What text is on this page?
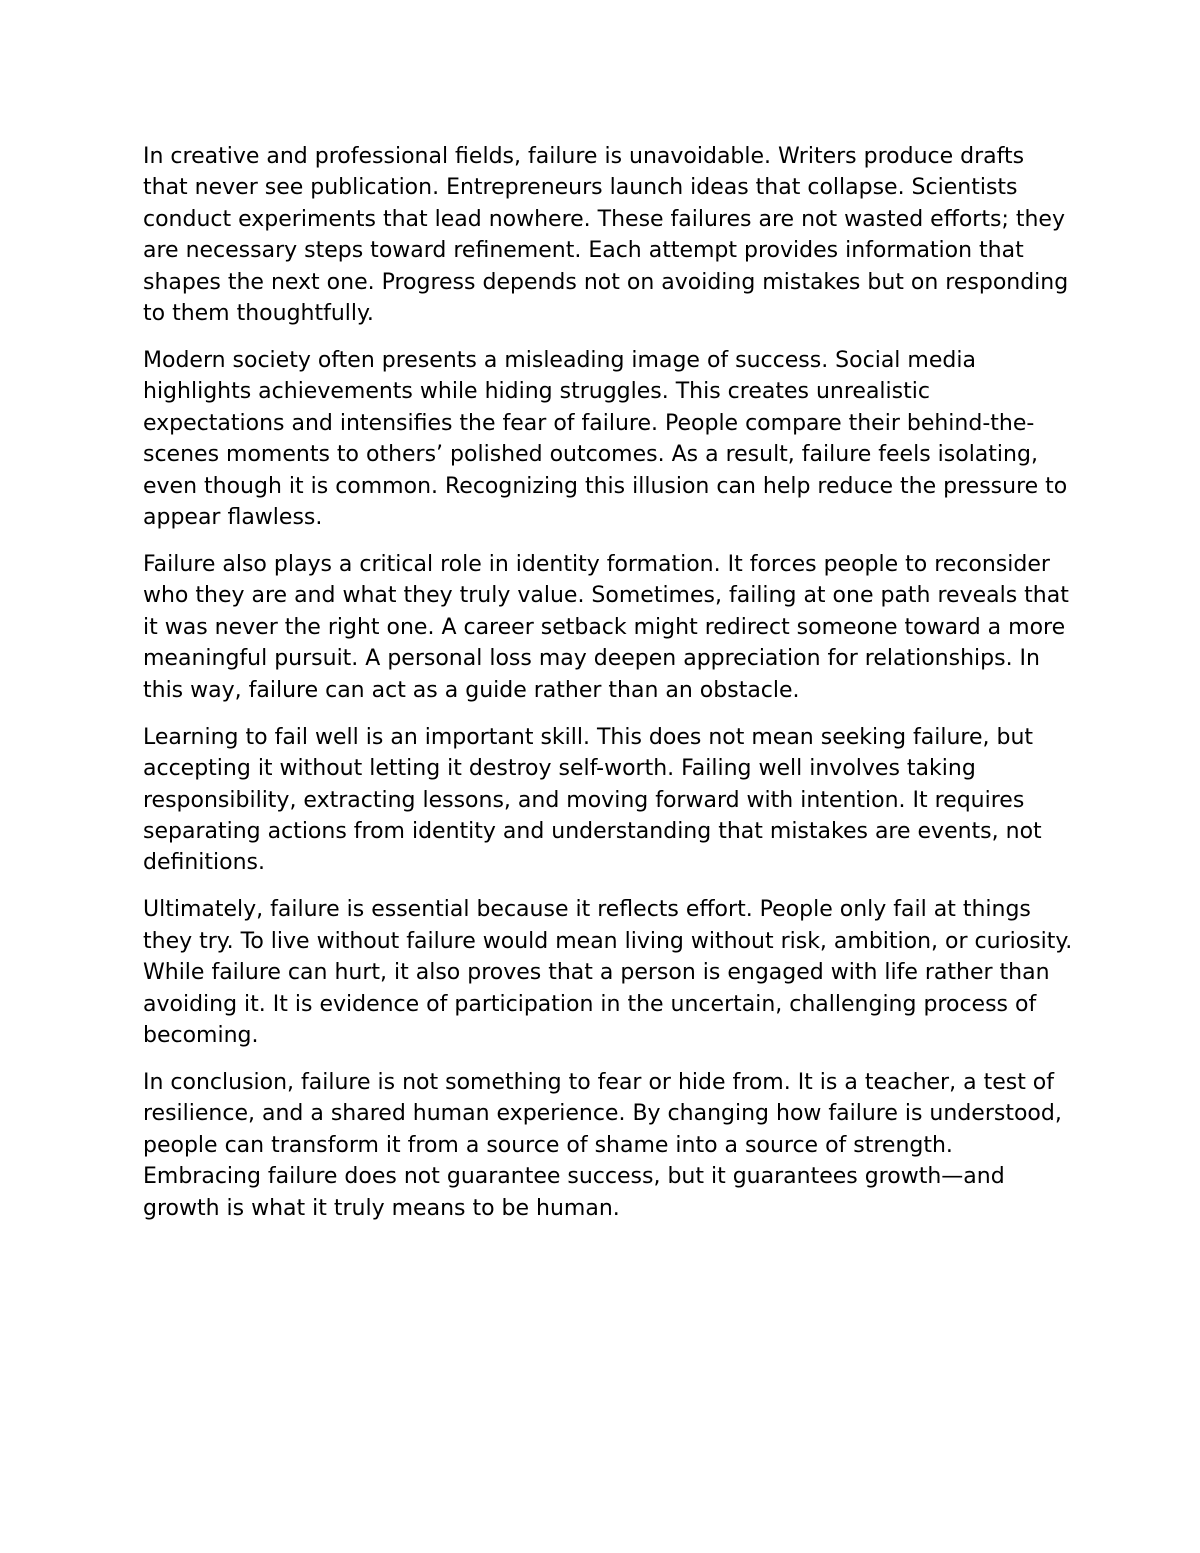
In creative and professional fields, failure is unavoidable. Writers produce drafts that never see publication. Entrepreneurs launch ideas that collapse. Scientists conduct experiments that lead nowhere. These failures are not wasted efforts; they are necessary steps toward refinement. Each attempt provides information that shapes the next one. Progress depends not on avoiding mistakes but on responding to them thoughtfully.

Modern society often presents a misleading image of success. Social media highlights achievements while hiding struggles. This creates unrealistic expectations and intensifies the fear of failure. People compare their behind-the-scenes moments to others’ polished outcomes. As a result, failure feels isolating, even though it is common. Recognizing this illusion can help reduce the pressure to appear flawless.

Failure also plays a critical role in identity formation. It forces people to reconsider who they are and what they truly value. Sometimes, failing at one path reveals that it was never the right one. A career setback might redirect someone toward a more meaningful pursuit. A personal loss may deepen appreciation for relationships. In this way, failure can act as a guide rather than an obstacle.

Learning to fail well is an important skill. This does not mean seeking failure, but accepting it without letting it destroy self-worth. Failing well involves taking responsibility, extracting lessons, and moving forward with intention. It requires separating actions from identity and understanding that mistakes are events, not definitions.

Ultimately, failure is essential because it reflects effort. People only fail at things they try. To live without failure would mean living without risk, ambition, or curiosity. While failure can hurt, it also proves that a person is engaged with life rather than avoiding it. It is evidence of participation in the uncertain, challenging process of becoming.

In conclusion, failure is not something to fear or hide from. It is a teacher, a test of resilience, and a shared human experience. By changing how failure is understood, people can transform it from a source of shame into a source of strength. Embracing failure does not guarantee success, but it guarantees growth—and growth is what it truly means to be human.
